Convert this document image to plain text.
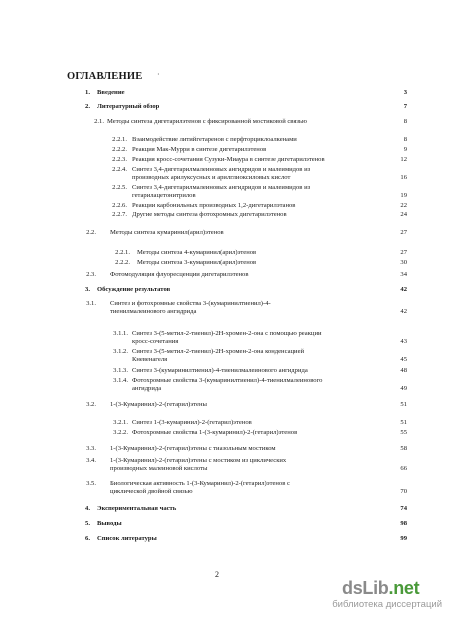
ОГЛАВЛЕНИЕ ·
1. Введение	3
2. Литературный обзор	7
2.1. Методы синтеза дигетарилэтенов с фиксированной мостиковой связью	8
2.2.1. Взаимодействие литийгетаренов с перфторциклоалкенами	8
2.2.2. Реакция Мак-Мурри в синтезе дигетарилэтенов	9
2.2.3. Реакция кросс-сочетания Сузуки-Миаура в синтезе дигетарилэтенов	12
2.2.4. Синтез 3,4-дигетарилмалеиновых ангидридов и малеимидов из
производных арилуксусных и арилглиоксиловых кислот	16
2.2.5. Синтез 3,4-дигетарилмалеиновых ангидридов и малеимидов из
гетарилацетонитрилов	19
2.2.6. Реакции карбонильных производных 1,2-дигетарилэтанов	22
2.2.7. Другие методы синтеза фотохромных дигетарилэтенов	24
2.2. Методы синтеза кумаринил(арил)этенов	27
2.2.1. Методы синтеза 4-кумаринил(арил)этенов	27
2.2.2. Методы синтеза 3-кумаринил(арил)этенов	30
2.3. Фотомодуляция флуоресценции дигетарилэтенов	34
3. Обсуждение результатов	42
3.1. Синтез и фотохромные свойства 3-(кумаринилтиенил)-4-
тиенилмалеинового ангидрида	42
3.1.1. Синтез 3-(5-метил-2-тиенил)-2H-хромен-2-она с помощью реакции
кросс-сочетания	43
3.1.2. Синтез 3-(5-метил-2-тиенил)-2H-хромен-2-она конденсацией
Кневенагеля	45
3.1.3. Синтез 3-(кумаринилтиенил)-4-тиенилмалеинового ангидрида	48
3.1.4. Фотохромные свойства 3-(кумаринилтиенил)-4-тиенилмалеинового
ангидрида	49
3.2. 1-(3-Кумаринил)-2-(гетарил)этены	51
3.2.1. Синтез 1-(3-кумаринил)-2-(гетарил)этенов	51
3.2.2. Фотохромные свойства 1-(3-кумаринил)-2-(гетарил)этенов	55
3.3. 1-(3-Кумаринил)-2-(гетарил)этены с тиазольным мостиком	58
3.4. 1-(3-Кумаринил)-2-(гетарил)этены с мостиком из циклических
производных малеиновой кислоты	66
3.5. Биологическая активность 1-(3-Кумаринил)-2-(гетарил)этенов с
циклической двойной связью	70
4. Экспериментальная часть	74
5. Выводы	98
6. Список литературы	99
2
dsLib.net
библиотека диссертаций
